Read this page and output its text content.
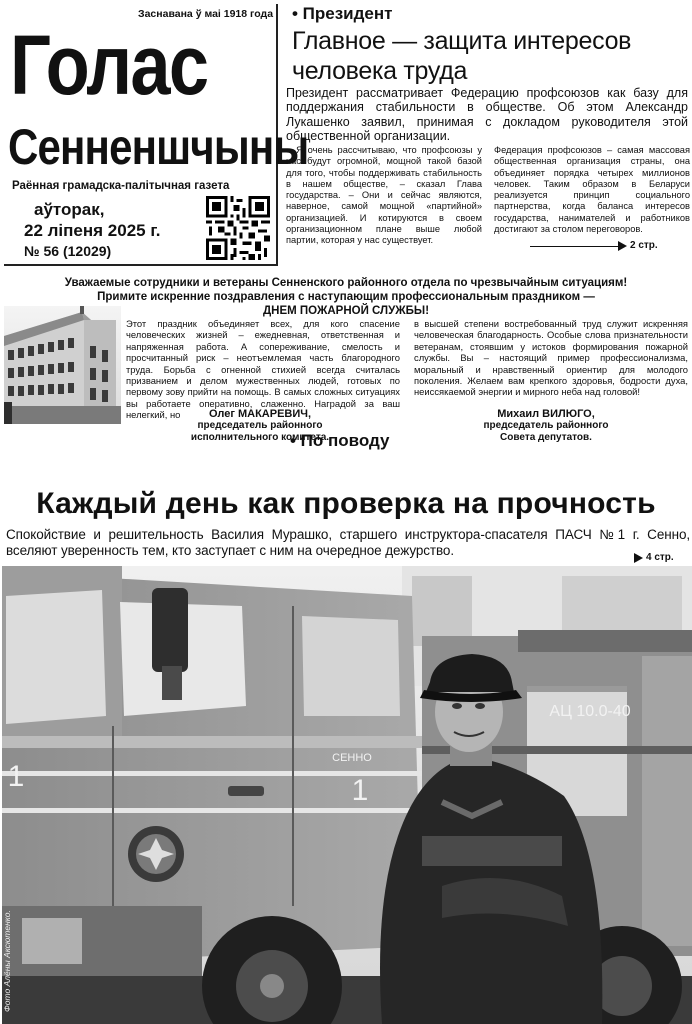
Заснавана ў маі 1918 года
Голас
Сенненшчыны
Раённая грамадска-палітычная газета
аўторак,
22 ліпеня 2025 г.
№ 56 (12029)
• Президент
Главное — защита интересов человека труда

Президент рассматривает Федерацию профсоюзов как базу для поддержания стабильности в обществе. Об этом Александр Лукашенко заявил, принимая с докладом руководителя этой общественной организации.

– Я очень рассчитываю, что профсоюзы у нас будут огромной, мощной такой базой для того, чтобы поддерживать стабильность в нашем обществе, – сказал Глава государства. – Они и сейчас являются, наверное, самой мощной «партийной» организацией. И котируются в своем организационном плане выше любой партии, которая у нас существует.

Федерация профсоюзов – самая массовая общественная организация страны, она объединяет порядка четырех миллионов человек. Таким образом в Беларуси реализуется принцип социального партнерства, когда баланса интересов государства, нанимателей и работников достигают за столом переговоров.

2 стр.
Уважаемые сотрудники и ветераны Сенненского районного отдела по чрезвычайным ситуациям!
Примите искренние поздравления с наступающим профессиональным праздником —
ДНЕМ ПОЖАРНОЙ СЛУЖБЫ!

Этот праздник объединяет всех, для кого спасение человеческих жизней – ежедневная, ответственная и напряженная работа. А сопереживание, смелость и просчитанный риск – неотъемлемая часть благородного труда. Борьба с огненной стихией всегда считалась призванием и делом мужественных людей, готовых по первому зову прийти на помощь. В самых сложных ситуациях вы работаете оперативно, слаженно. Наградой за ваш нелегкий, но

в высшей степени востребованный труд служит искренняя человеческая благодарность. Особые слова признательности ветеранам, стоявшим у истоков формирования пожарной службы. Вы – настоящий пример профессионализма, моральный и нравственный ориентир для молодого поколения. Желаем вам крепкого здоровья, бодрости духа, неиссякаемой энергии и мирного неба над головой!

Олег МАКАРЕВИЧ,
председатель районного
исполнительного комитета.
Михаил ВИЛЮГО,
председатель районного
Совета депутатов.
• По поводу
Каждый день как проверка на прочность

Спокойствие и решительность Василия Мурашко, старшего инструктора-спасателя ПАСЧ №1 г. Сенно, вселяют уверенность тем, кто заступает с ним на очередное дежурство.	4 стр.
АЦ 10.0-40
СЕННО
1
1
Фото Алёны Аксютенко.
